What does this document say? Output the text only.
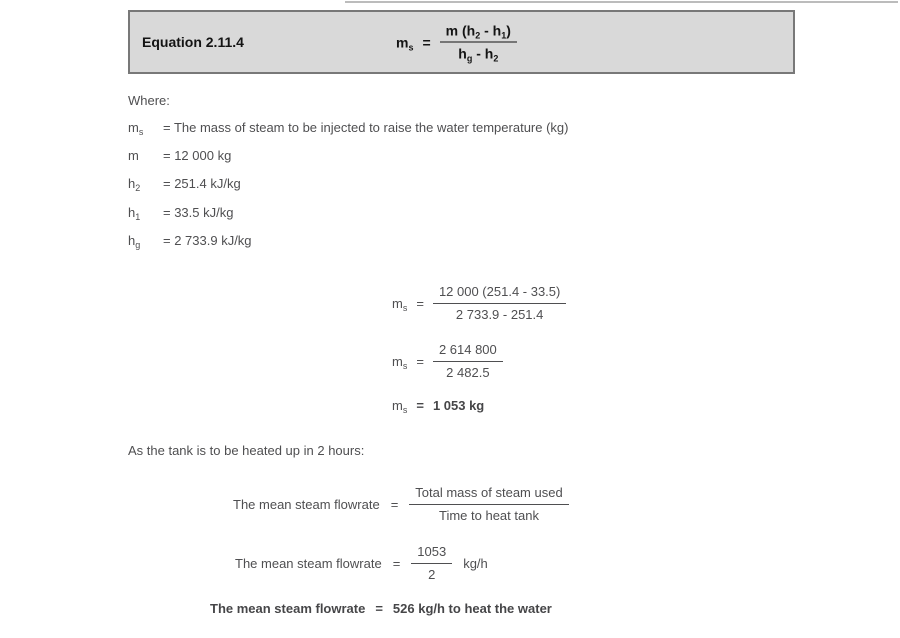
Equation 2.11.4	$m_s = \frac{m (h_2 - h_1)}{h_g - h_2}$
Where:
$m_s$	= The mass of steam to be injected to raise the water temperature (kg)
m	= 12 000 kg
$h_2$	= 251.4 kJ/kg
$h_1$	= 33.5 kJ/kg
$h_g$	= 2 733.9 kJ/kg
$m_s = \frac{12 000 (251.4 - 33.5)}{2 733.9 - 251.4}$
$m_s = \frac{2 614 800}{2 482.5}$
$m_s = 1$ 053 kg
As the tank is to be heated up in 2 hours:
The mean steam flowrate = $\frac{\text{Total mass of steam used}}{\text{Time to heat tank}}$
The mean steam flowrate = $\frac{1053}{2} kg/h$
The mean steam flowrate = 526 kg/h to heat the water
